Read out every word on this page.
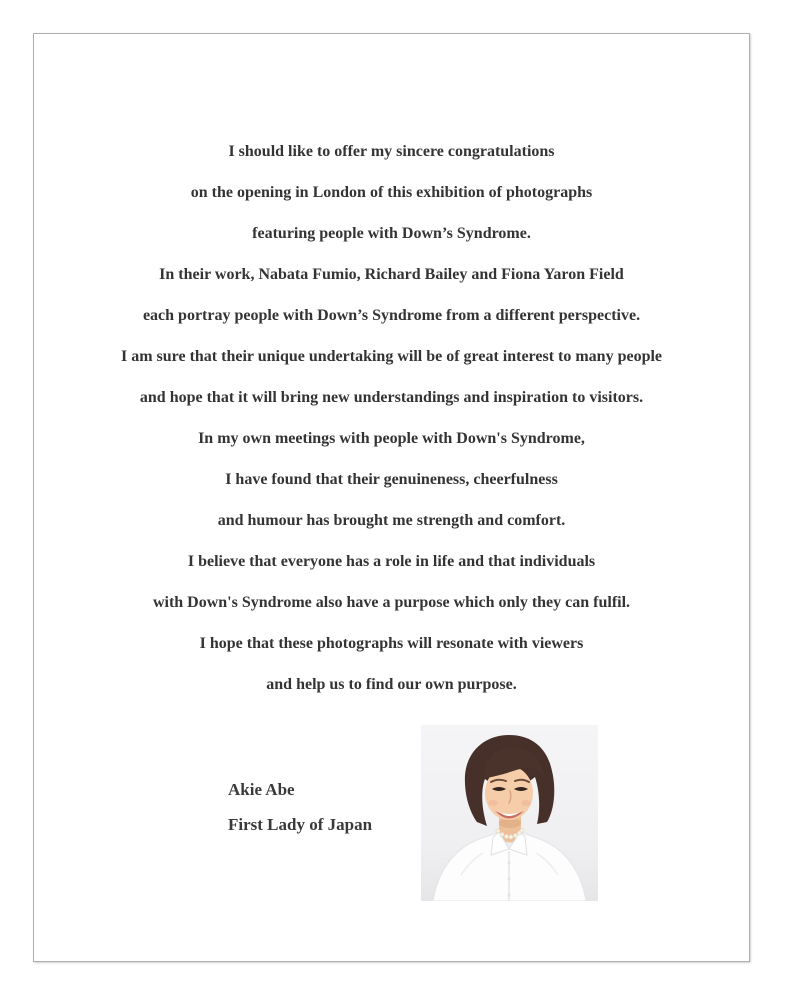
I should like to offer my sincere congratulations

on the opening in London of this exhibition of photographs

featuring people with Down’s Syndrome.

In their work, Nabata Fumio, Richard Bailey and Fiona Yaron Field

each portray people with Down’s Syndrome from a different perspective.

I am sure that their unique undertaking will be of great interest to many people

and hope that it will bring new understandings and inspiration to visitors.

In my own meetings with people with Down's Syndrome,

I have found that their genuineness, cheerfulness

and humour has brought me strength and comfort.

I believe that everyone has a role in life and that individuals

with Down's Syndrome also have a purpose which only they can fulfil.

I hope that these photographs will resonate with viewers

and help us to find our own purpose.

Akie Abe
First Lady of Japan
